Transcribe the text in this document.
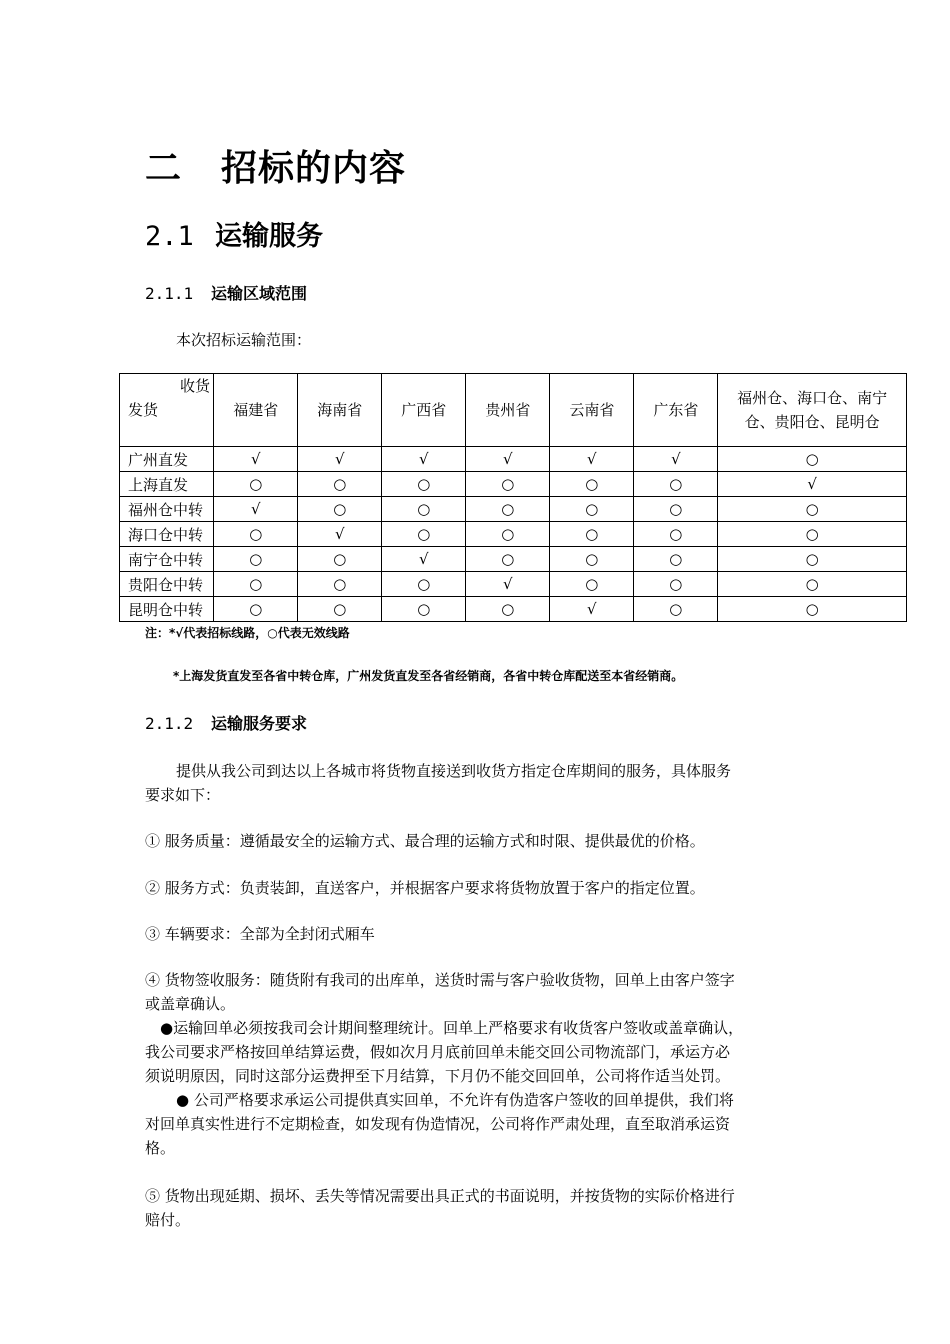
二 招标的内容
2.1 运输服务
2.1.1 运输区域范围
本次招标运输范围：
收货
发货	福建省	海南省	广西省	贵州省	云南省	广东省	福州仓、海口仓、南宁仓、贵阳仓、昆明仓
广州直发	√	√	√	√	√	√	○
上海直发	○	○	○	○	○	○	√
福州仓中转	√	○	○	○	○	○	○
海口仓中转	○	√	○	○	○	○	○
南宁仓中转	○	○	√	○	○	○	○
贵阳仓中转	○	○	○	√	○	○	○
昆明仓中转	○	○	○	○	√	○	○
注：*√代表招标线路，○代表无效线路
*上海发货直发至各省中转仓库，广州发货直发至各省经销商，各省中转仓库配送至本省经销商。
2.1.2 运输服务要求
提供从我公司到达以上各城市将货物直接送到收货方指定仓库期间的服务，具体服务
要求如下：
① 服务质量：遵循最安全的运输方式、最合理的运输方式和时限、提供最优的价格。
② 服务方式：负责装卸，直送客户，并根据客户要求将货物放置于客户的指定位置。
③ 车辆要求：全部为全封闭式厢车
④ 货物签收服务：随货附有我司的出库单，送货时需与客户验收货物，回单上由客户签字
或盖章确认。
●运输回单必须按我司会计期间整理统计。回单上严格要求有收货客户签收或盖章确认，
我公司要求严格按回单结算运费，假如次月月底前回单未能交回公司物流部门，承运方必
须说明原因，同时这部分运费押至下月结算，下月仍不能交回回单，公司将作适当处罚。
● 公司严格要求承运公司提供真实回单，不允许有伪造客户签收的回单提供，我们将
对回单真实性进行不定期检查，如发现有伪造情况，公司将作严肃处理，直至取消承运资
格。
⑤ 货物出现延期、损坏、丢失等情况需要出具正式的书面说明，并按货物的实际价格进行
赔付。
